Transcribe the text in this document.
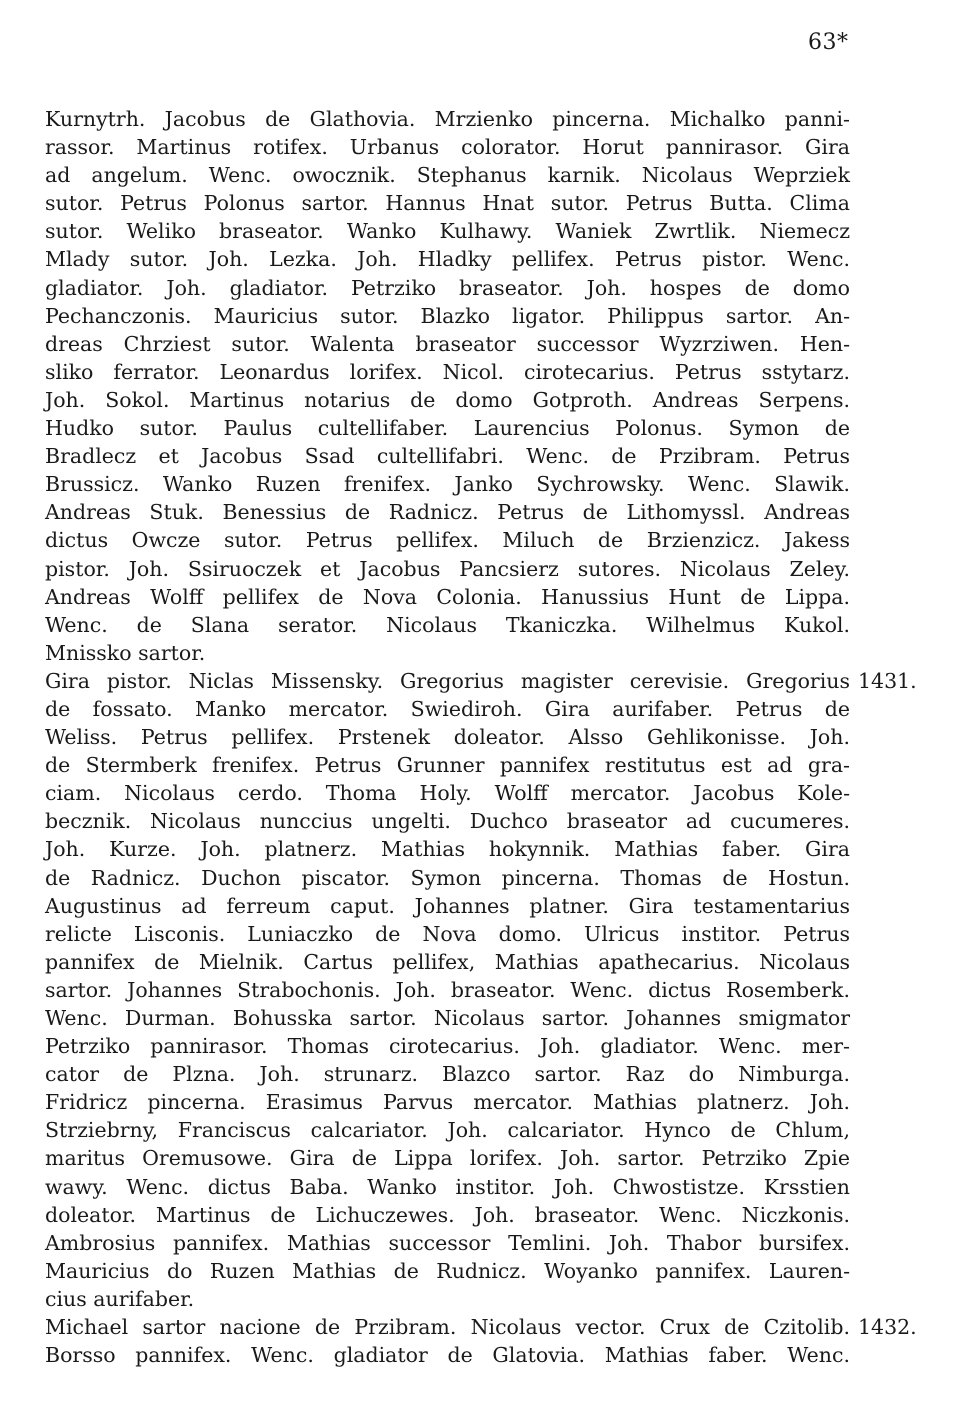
63*
Kurnytrh. Jacobus de Glathovia. Mrzienko pincerna. Michalko panni-
rassor. Martinus rotifex. Urbanus colorator. Horut pannirasor. Gira
ad angelum. Wenc. owocznik. Stephanus karnik. Nicolaus Weprziek
sutor. Petrus Polonus sartor. Hannus Hnat sutor. Petrus Butta. Clima
sutor. Weliko braseator. Wanko Kulhawy. Waniek Zwrtlik. Niemecz
Mlady sutor. Joh. Lezka. Joh. Hladky pellifex. Petrus pistor. Wenc.
gladiator. Joh. gladiator. Petrziko braseator. Joh. hospes de domo
Pechanczonis. Mauricius sutor. Blazko ligator. Philippus sartor. An-
dreas Chrziest sutor. Walenta braseator successor Wyzrziwen. Hen-
sliko ferrator. Leonardus lorifex. Nicol. cirotecarius. Petrus sstytarz.
Joh. Sokol. Martinus notarius de domo Gotproth. Andreas Serpens.
Hudko sutor. Paulus cultellifaber. Laurencius Polonus. Symon de
Bradlecz et Jacobus Ssad cultellifabri. Wenc. de Przibram. Petrus
Brussicz. Wanko Ruzen frenifex. Janko Sychrowsky. Wenc. Slawik.
Andreas Stuk. Benessius de Radnicz. Petrus de Lithomyssl. Andreas
dictus Owcze sutor. Petrus pellifex. Miluch de Brzienzicz. Jakess
pistor. Joh. Ssiruoczek et Jacobus Pancsierz sutores. Nicolaus Zeley.
Andreas Wolff pellifex de Nova Colonia. Hanussius Hunt de Lippa.
Wenc. de Slana serator. Nicolaus Tkaniczka. Wilhelmus Kukol.
Mnissko sartor.
Gira pistor. Niclas Missensky. Gregorius magister cerevisie. Gregorius 1431.
de fossato. Manko mercator. Swiediroh. Gira aurifaber. Petrus de
Weliss. Petrus pellifex. Prstenek doleator. Alsso Gehlikonisse. Joh.
de Stermberk frenifex. Petrus Grunner pannifex restitutus est ad gra-
ciam. Nicolaus cerdo. Thoma Holy. Wolff mercator. Jacobus Kole-
becznik. Nicolaus nunccius ungelti. Duchco braseator ad cucumeres.
Joh. Kurze. Joh. platnerz. Mathias hokynnik. Mathias faber. Gira
de Radnicz. Duchon piscator. Symon pincerna. Thomas de Hostun.
Augustinus ad ferreum caput. Johannes platner. Gira testamentarius
relicte Lisconis. Luniaczko de Nova domo. Ulricus institor. Petrus
pannifex de Mielnik. Cartus pellifex, Mathias apathecarius. Nicolaus
sartor. Johannes Strabochonis. Joh. braseator. Wenc. dictus Rosemberk.
Wenc. Durman. Bohusska sartor. Nicolaus sartor. Johannes smigmator
Petrziko pannirasor. Thomas cirotecarius. Joh. gladiator. Wenc. mer-
cator de Plzna. Joh. strunarz. Blazco sartor. Raz do Nimburga.
Fridricz pincerna. Erasimus Parvus mercator. Mathias platnerz. Joh.
Strziebrny, Franciscus calcariator. Joh. calcariator. Hynco de Chlum,
maritus Oremusowe. Gira de Lippa lorifex. Joh. sartor. Petrziko Zpie
wawy. Wenc. dictus Baba. Wanko institor. Joh. Chwostistze. Krsstien
doleator. Martinus de Lichuczewes. Joh. braseator. Wenc. Niczkonis.
Ambrosius pannifex. Mathias successor Temlini. Joh. Thabor bursifex.
Mauricius do Ruzen Mathias de Rudnicz. Woyanko pannifex. Lauren-
cius aurifaber.
Michael sartor nacione de Przibram. Nicolaus vector. Crux de Czitolib. 1432.
Borsso pannifex. Wenc. gladiator de Glatovia. Mathias faber. Wenc.
